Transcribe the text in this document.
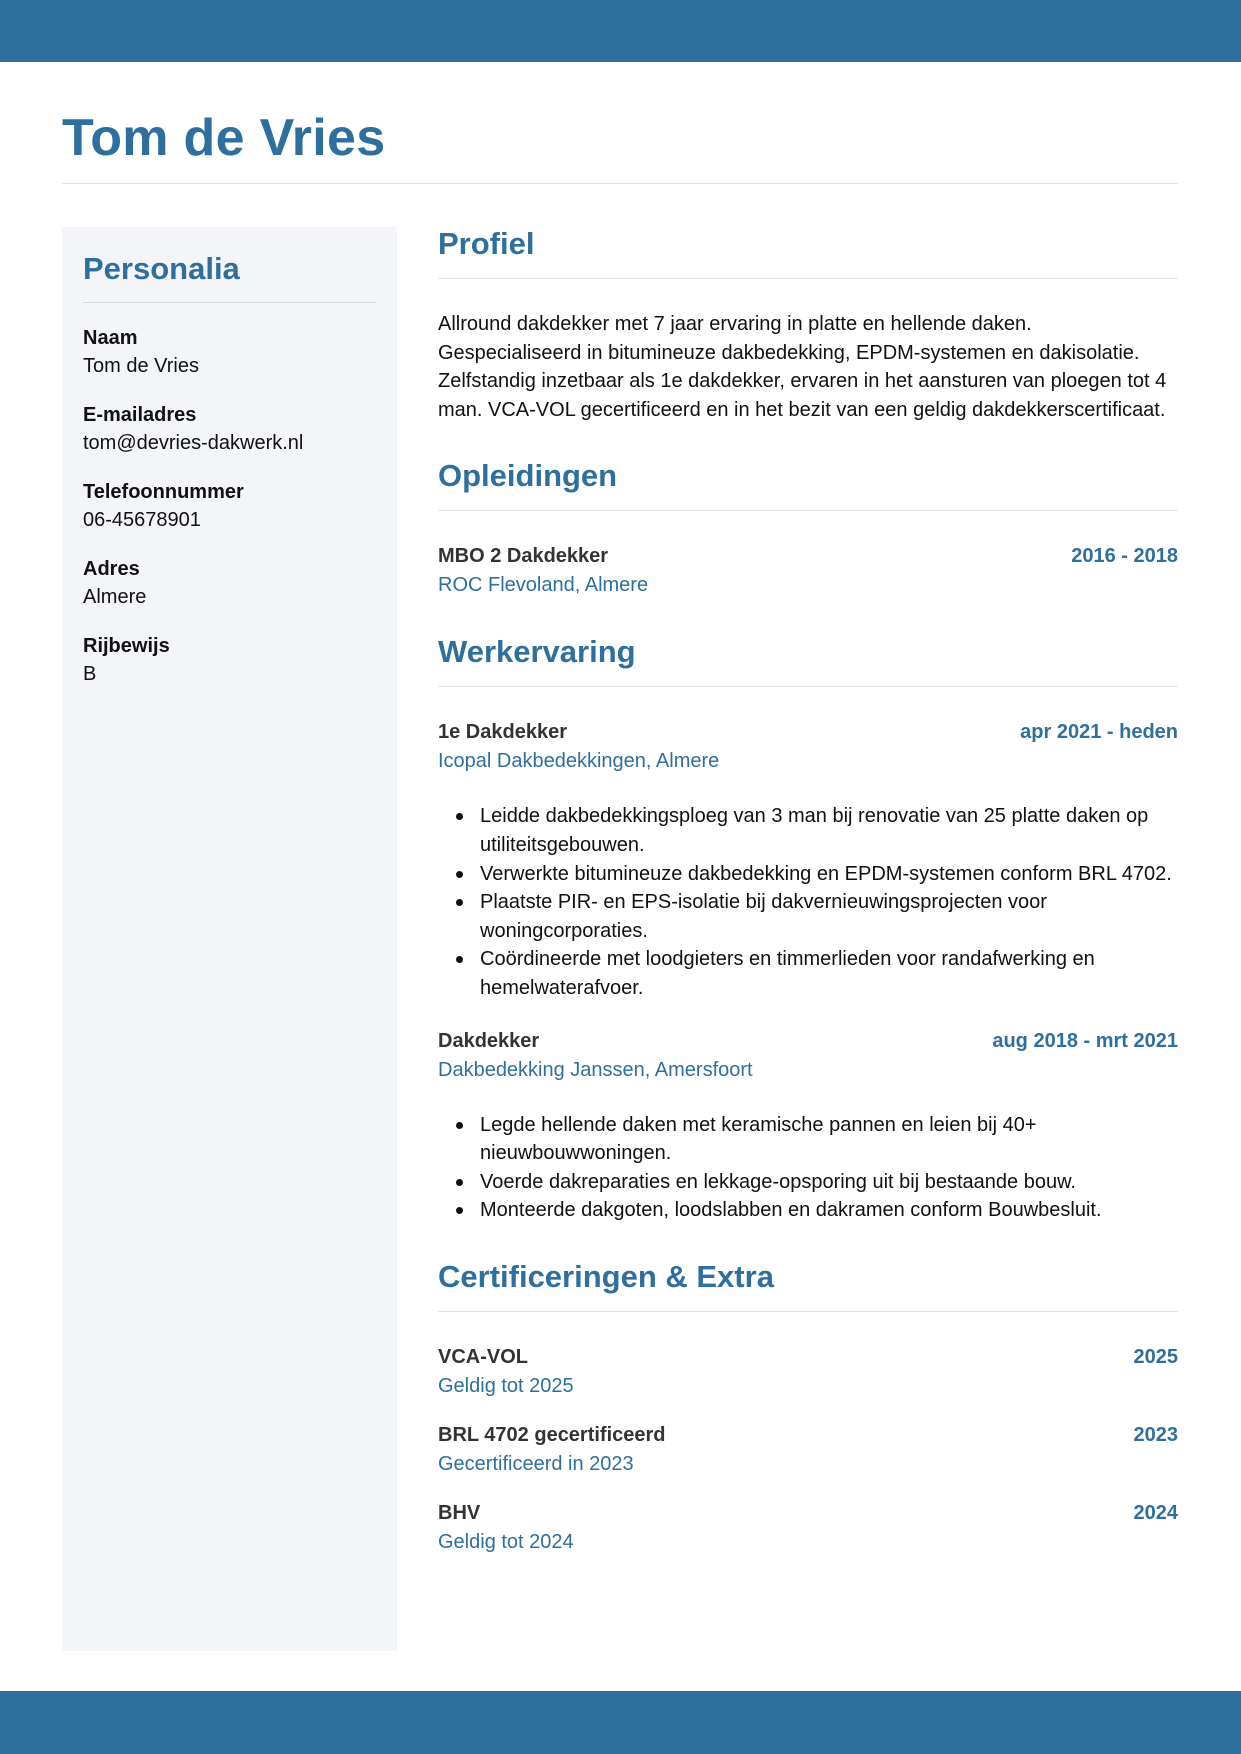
Tom de Vries
Personalia
Naam
Tom de Vries
E-mailadres
tom@devries-dakwerk.nl
Telefoonnummer
06-45678901
Adres
Almere
Rijbewijs
B
Profiel

Allround dakdekker met 7 jaar ervaring in platte en hellende daken. Gespecialiseerd in bitumineuze dakbedekking, EPDM-systemen en dakisolatie. Zelfstandig inzetbaar als 1e dakdekker, ervaren in het aansturen van ploegen tot 4 man. VCA-VOL gecertificeerd en in het bezit van een geldig dakdekkerscertificaat.

Opleidingen
MBO 2 Dakdekker	2016 - 2018
ROC Flevoland, Almere
Werkervaring
1e Dakdekker	apr 2021 - heden
Icopal Dakbedekkingen, Almere
Leidde dakbedekkingsploeg van 3 man bij renovatie van 25 platte daken op utiliteitsgebouwen.
Verwerkte bitumineuze dakbedekking en EPDM-systemen conform BRL 4702.
Plaatste PIR- en EPS-isolatie bij dakvernieuwingsprojecten voor woningcorporaties.
Coördineerde met loodgieters en timmerlieden voor randafwerking en hemelwaterafvoer.
Dakdekker	aug 2018 - mrt 2021
Dakbedekking Janssen, Amersfoort
Legde hellende daken met keramische pannen en leien bij 40+ nieuwbouwwoningen.
Voerde dakreparaties en lekkage-opsporing uit bij bestaande bouw.
Monteerde dakgoten, loodslabben en dakramen conform Bouwbesluit.
Certificeringen & Extra
VCA-VOL	2025
Geldig tot 2025
BRL 4702 gecertificeerd	2023
Gecertificeerd in 2023
BHV	2024
Geldig tot 2024
